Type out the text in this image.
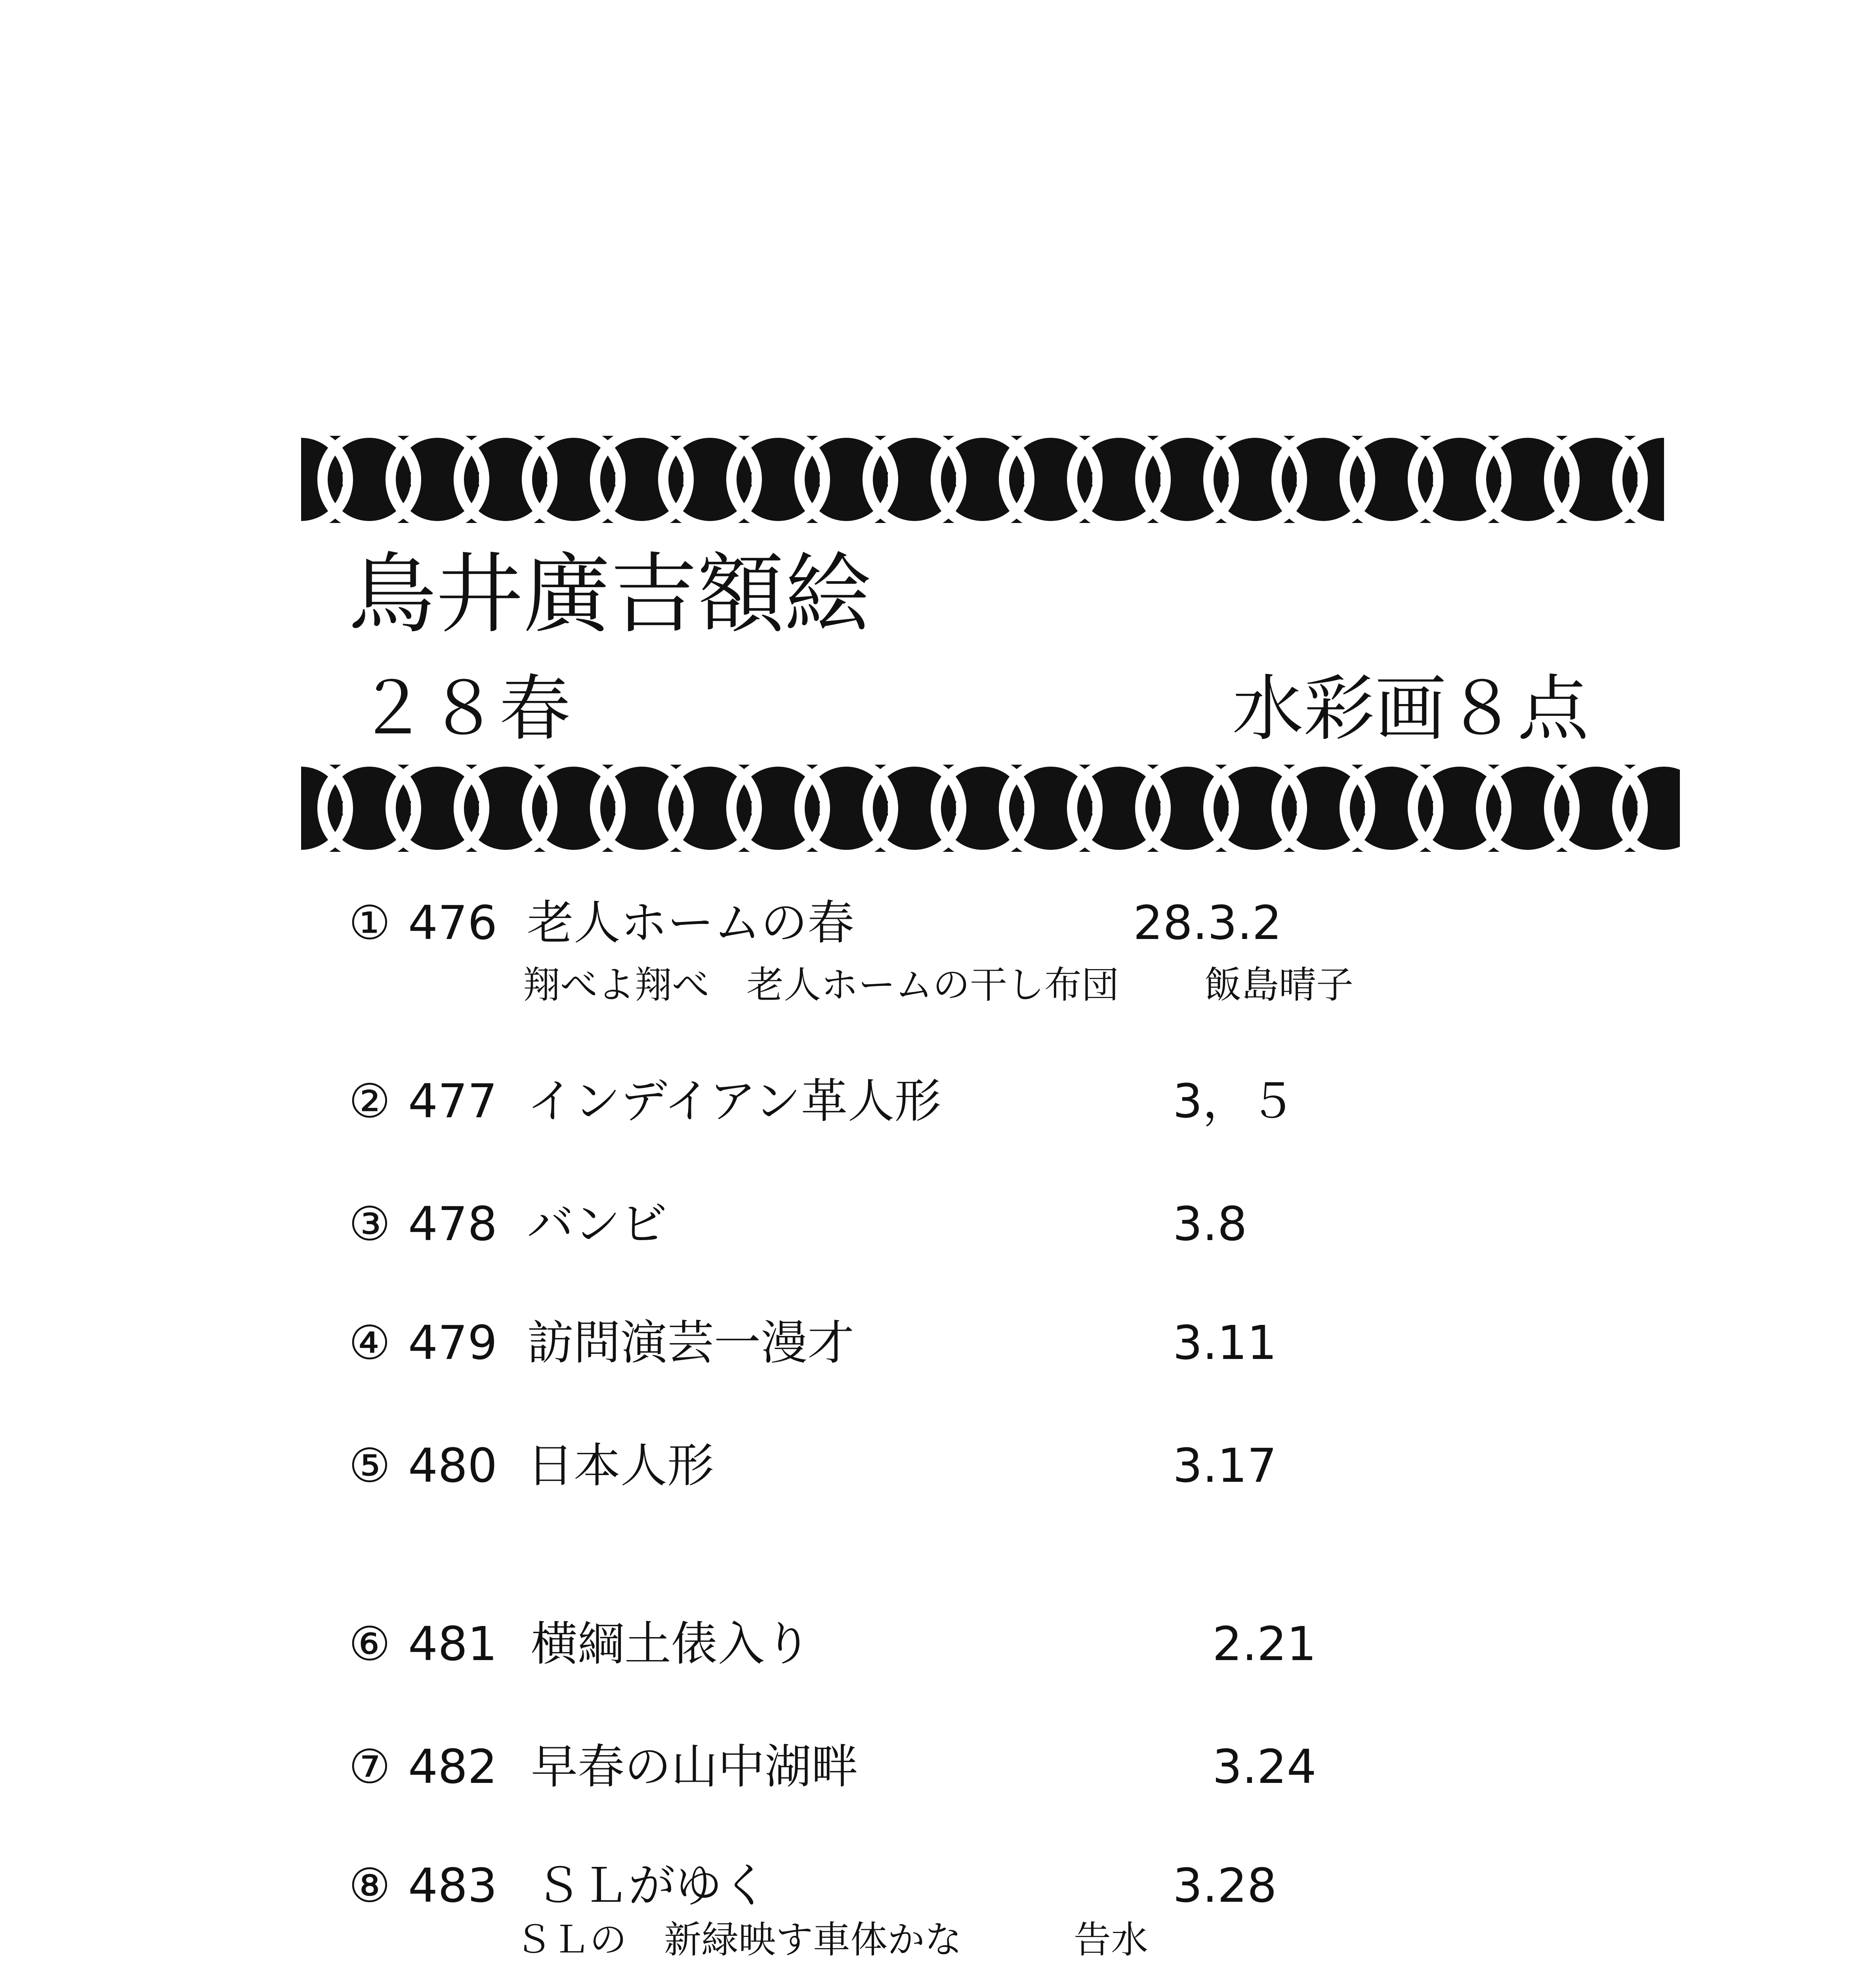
鳥井廣吉額絵
２８春	水彩画８点
① 476 老人ホームの春	28.3.2
翔べよ翔べ　老人ホームの干し布団 飯島晴子
② 477 インデイアン革人形	3，５
③ 478 バンビ	3.8
④ 479 訪問演芸一漫才	3.11
⑤ 480 日本人形	3.17
⑥ 481 横綱土俵入り	2.21
⑦ 482 早春の山中湖畔	3.24
⑧ 483 ＳＬがゆく	3.28
ＳＬの　新緑映す車体かな	告水
